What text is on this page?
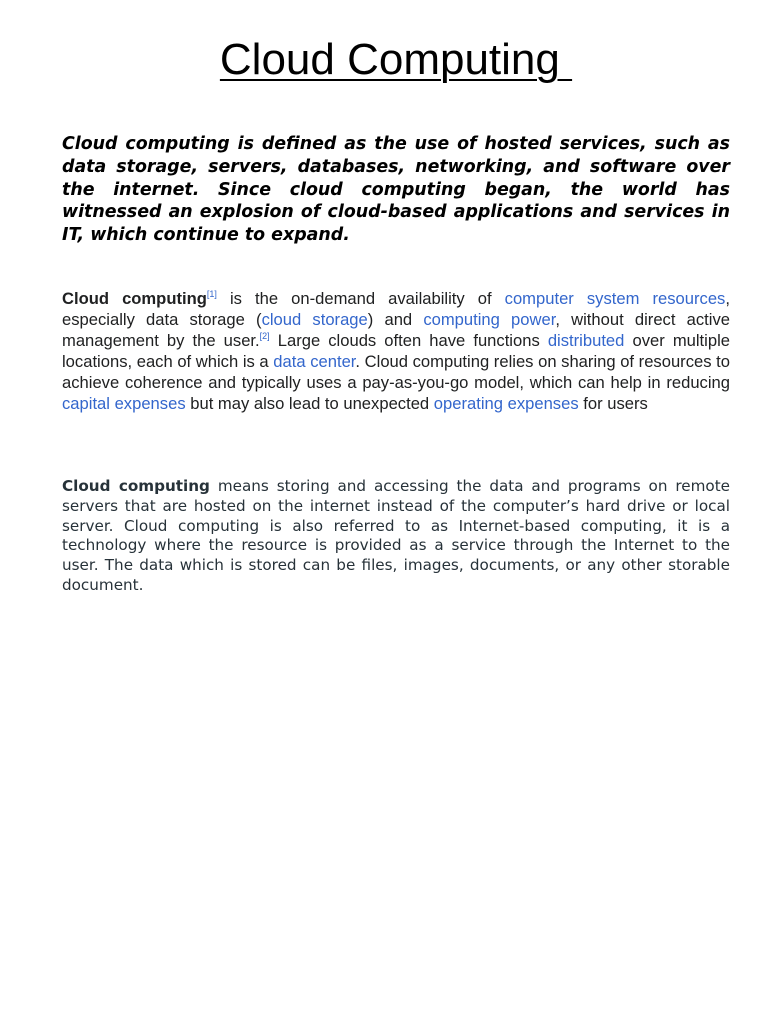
Cloud Computing

Cloud computing is defined as the use of hosted services, such as data storage, servers, databases, networking, and software over the internet. Since cloud computing began, the world has witnessed an explosion of cloud-based applications and services in IT, which continue to expand.

Cloud computing[1] is the on-demand availability of computer system resources, especially data storage (cloud storage) and computing power, without direct active management by the user.[2] Large clouds often have functions distributed over multiple locations, each of which is a data center. Cloud computing relies on sharing of resources to achieve coherence and typically uses a pay-as-you-go model, which can help in reducing capital expenses but may also lead to unexpected operating expenses for users

Cloud computing means storing and accessing the data and programs on remote servers that are hosted on the internet instead of the computer’s hard drive or local server. Cloud computing is also referred to as Internet-based computing, it is a technology where the resource is provided as a service through the Internet to the user. The data which is stored can be files, images, documents, or any other storable document.
